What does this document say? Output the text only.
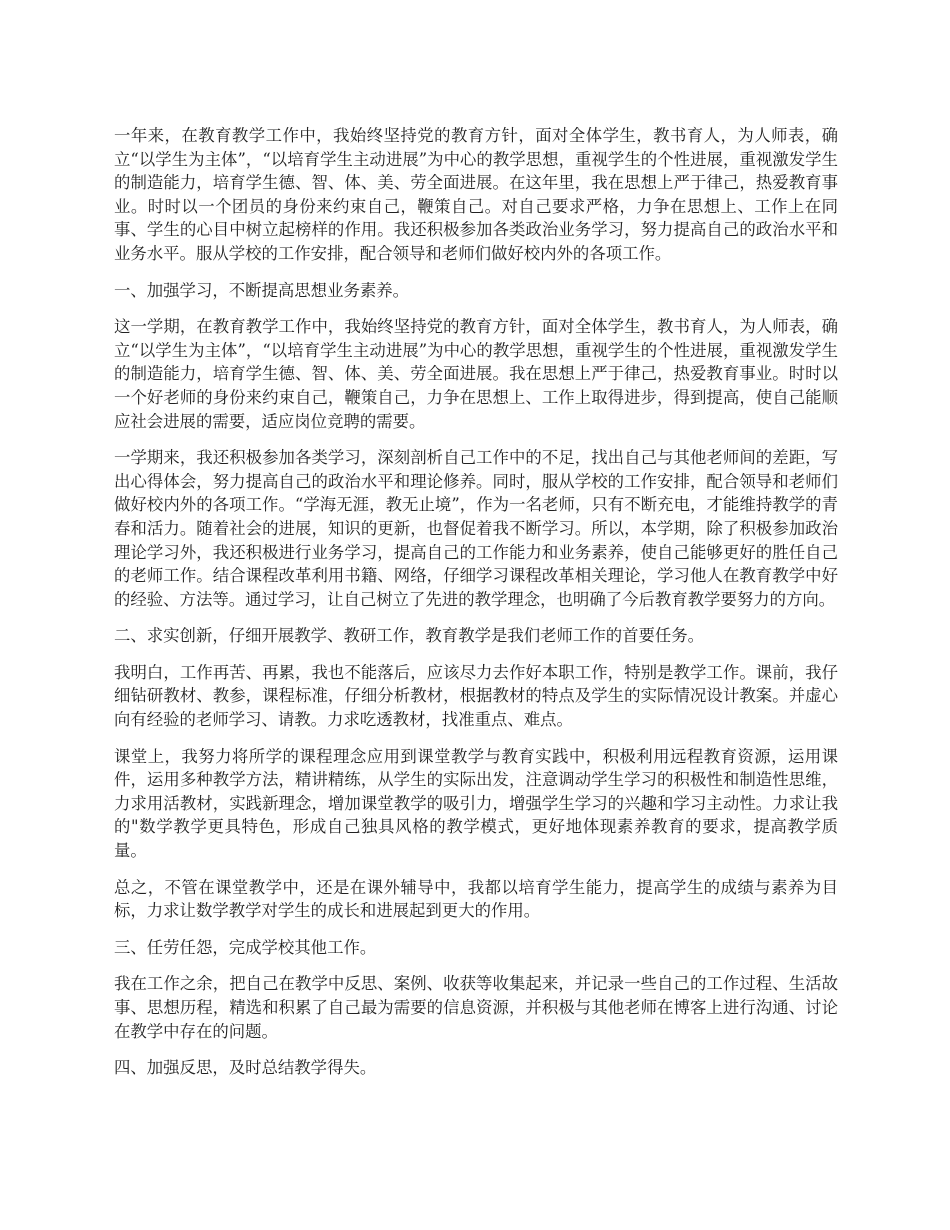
一年来，在教育教学工作中，我始终坚持党的教育方针，面对全体学生，教书育人，为人师表，确立“以学生为主体”，“以培育学生主动进展”为中心的教学思想，重视学生的个性进展，重视激发学生的制造能力，培育学生德、智、体、美、劳全面进展。在这年里，我在思想上严于律己，热爱教育事业。时时以一个团员的身份来约束自己，鞭策自己。对自己要求严格，力争在思想上、工作上在同事、学生的心目中树立起榜样的作用。我还积极参加各类政治业务学习，努力提高自己的政治水平和业务水平。服从学校的工作安排，配合领导和老师们做好校内外的各项工作。

一、加强学习，不断提高思想业务素养。

这一学期，在教育教学工作中，我始终坚持党的教育方针，面对全体学生，教书育人，为人师表，确立“以学生为主体”，“以培育学生主动进展”为中心的教学思想，重视学生的个性进展，重视激发学生的制造能力，培育学生德、智、体、美、劳全面进展。我在思想上严于律己，热爱教育事业。时时以一个好老师的身份来约束自己，鞭策自己，力争在思想上、工作上取得进步，得到提高，使自己能顺应社会进展的需要，适应岗位竞聘的需要。

一学期来，我还积极参加各类学习，深刻剖析自己工作中的不足，找出自己与其他老师间的差距，写出心得体会，努力提高自己的政治水平和理论修养。同时，服从学校的工作安排，配合领导和老师们做好校内外的各项工作。“学海无涯，教无止境”，作为一名老师，只有不断充电，才能维持教学的青春和活力。随着社会的进展，知识的更新，也督促着我不断学习。所以，本学期，除了积极参加政治理论学习外，我还积极进行业务学习，提高自己的工作能力和业务素养，使自己能够更好的胜任自己的老师工作。结合课程改革利用书籍、网络，仔细学习课程改革相关理论，学习他人在教育教学中好的经验、方法等。通过学习，让自己树立了先进的教学理念，也明确了今后教育教学要努力的方向。

二、求实创新，仔细开展教学、教研工作，教育教学是我们老师工作的首要任务。

我明白，工作再苦、再累，我也不能落后，应该尽力去作好本职工作，特别是教学工作。课前，我仔细钻研教材、教参，课程标准，仔细分析教材，根据教材的特点及学生的实际情况设计教案。并虚心向有经验的老师学习、请教。力求吃透教材，找准重点、难点。

课堂上，我努力将所学的课程理念应用到课堂教学与教育实践中，积极利用远程教育资源，运用课件，运用多种教学方法，精讲精练，从学生的实际出发，注意调动学生学习的积极性和制造性思维，力求用活教材，实践新理念，增加课堂教学的吸引力，增强学生学习的兴趣和学习主动性。力求让我的"数学教学更具特色，形成自己独具风格的教学模式，更好地体现素养教育的要求，提高教学质量。

总之，不管在课堂教学中，还是在课外辅导中，我都以培育学生能力，提高学生的成绩与素养为目标，力求让数学教学对学生的成长和进展起到更大的作用。

三、任劳任怨，完成学校其他工作。

我在工作之余，把自己在教学中反思、案例、收获等收集起来，并记录一些自己的工作过程、生活故事、思想历程，精选和积累了自己最为需要的信息资源，并积极与其他老师在博客上进行沟通、讨论在教学中存在的问题。

四、加强反思，及时总结教学得失。
